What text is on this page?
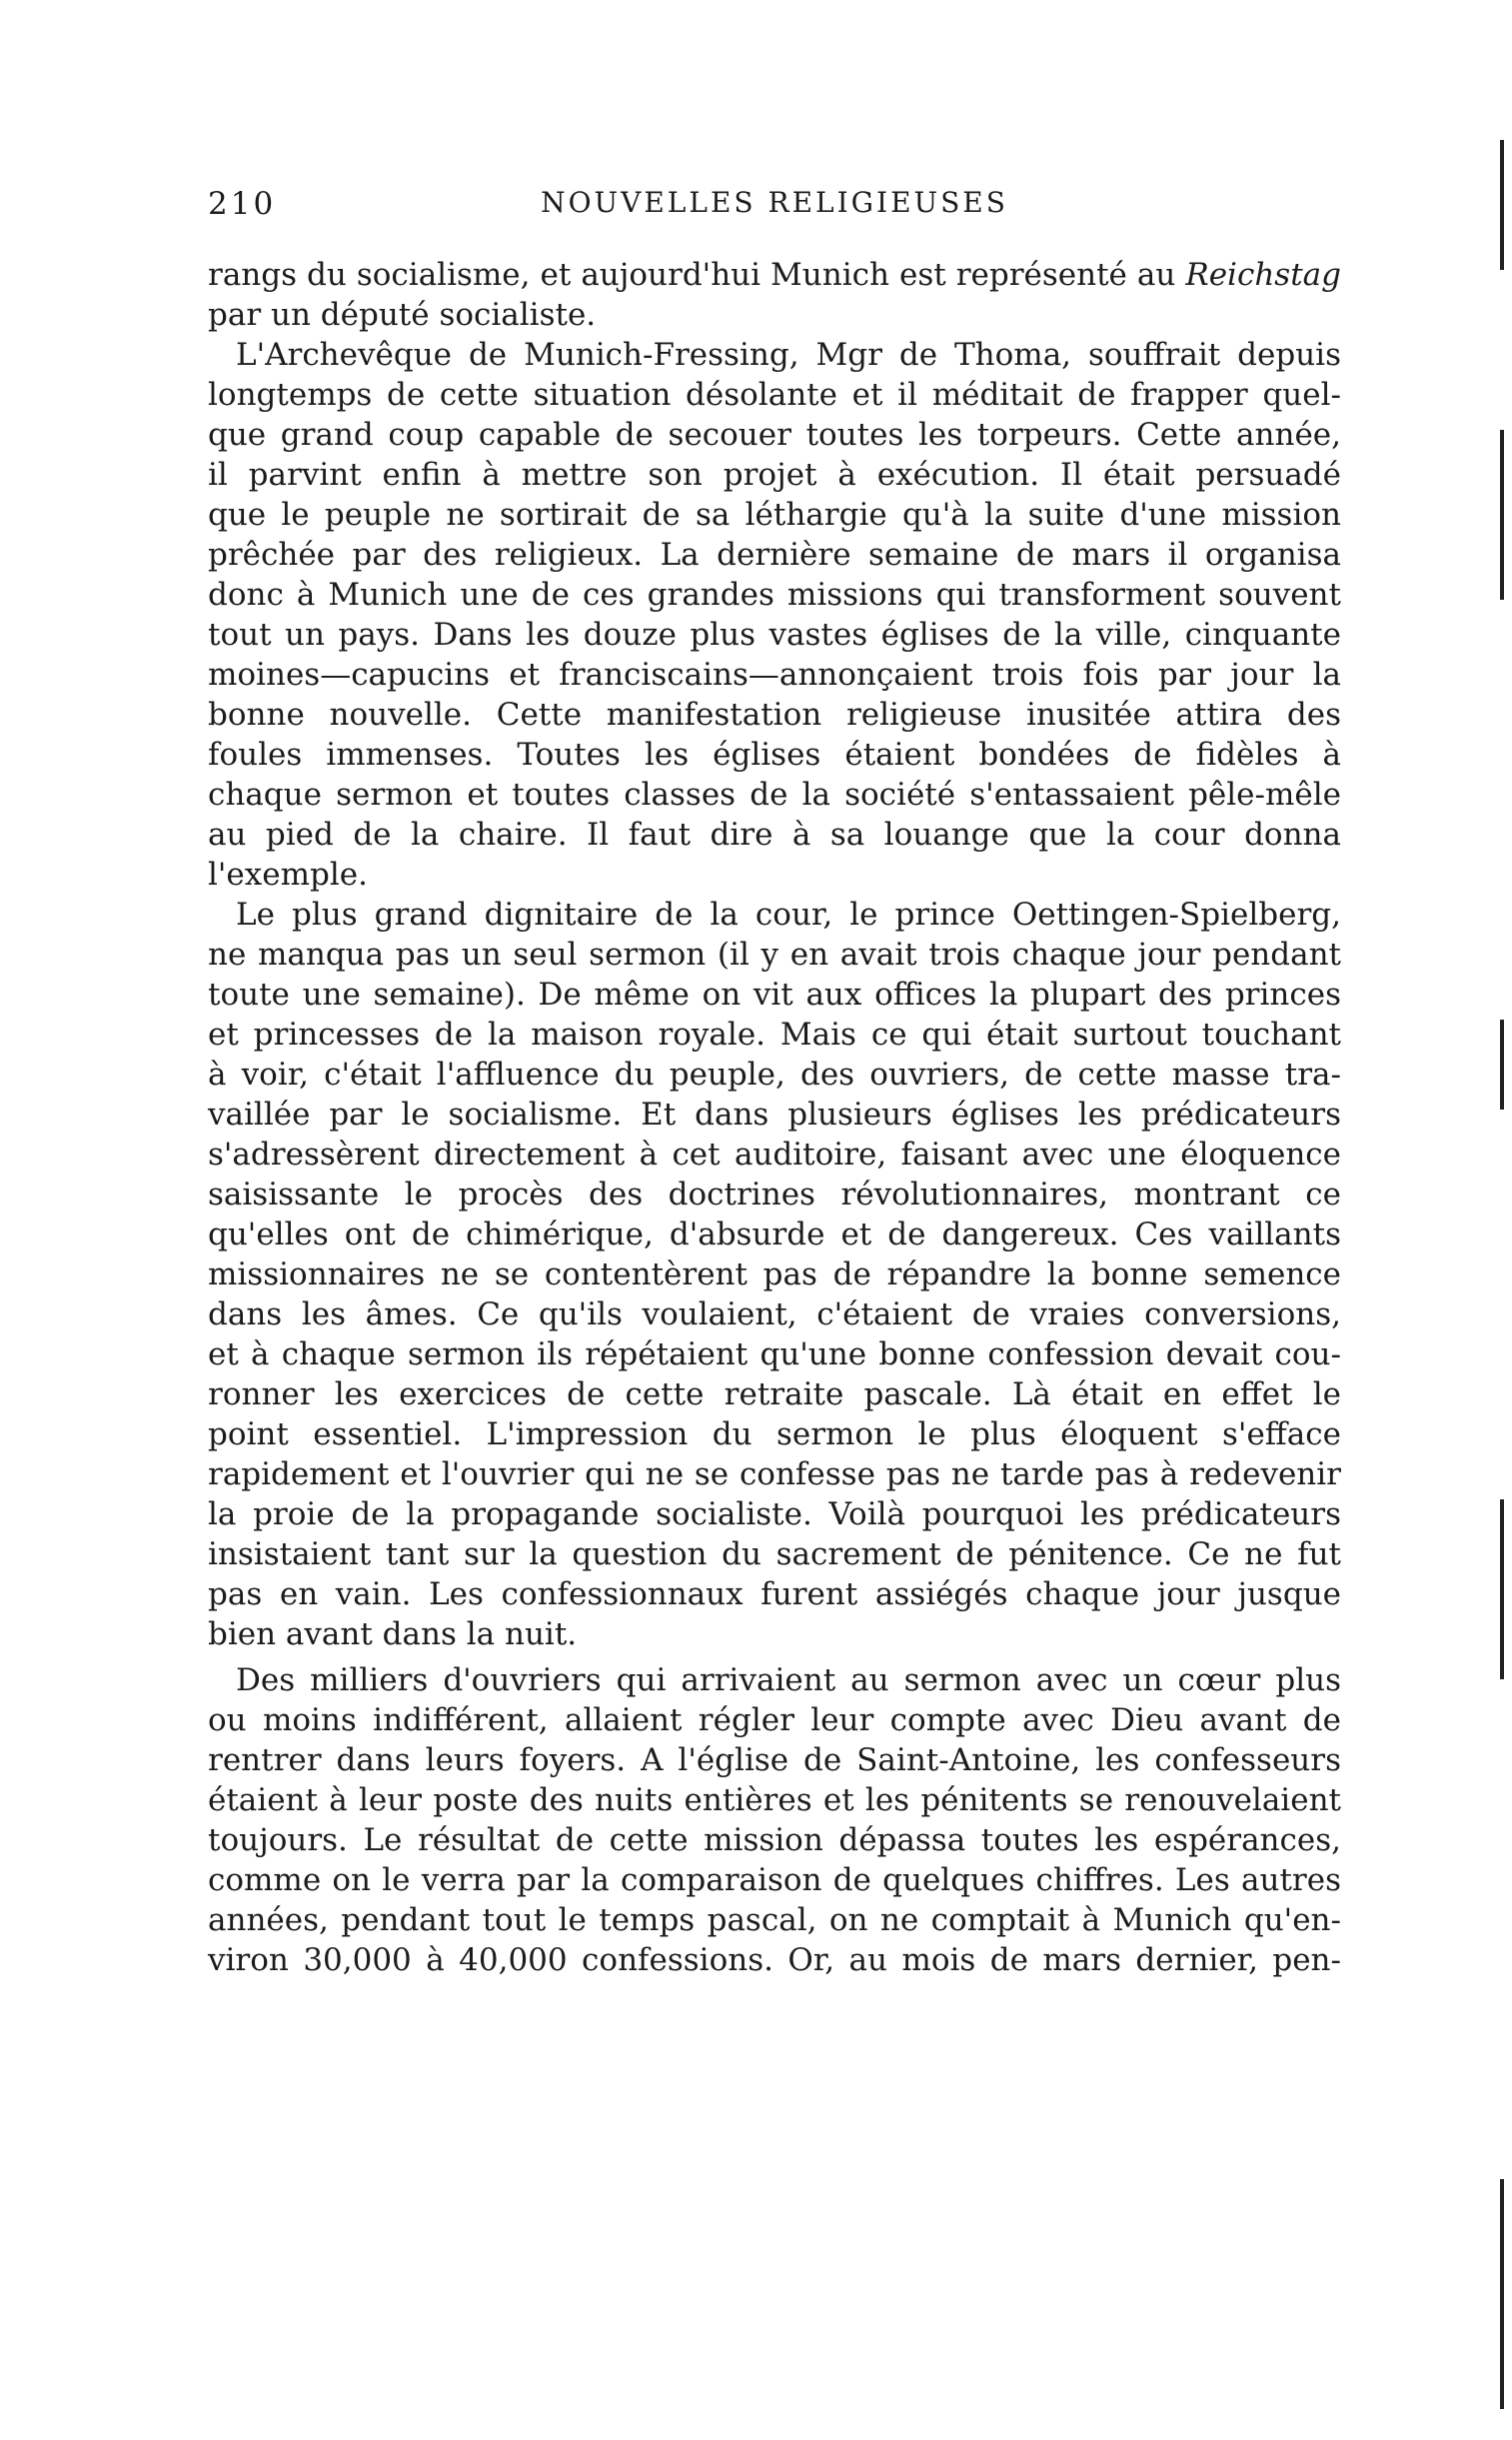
210	NOUVELLES RELIGIEUSES
rangs du socialisme, et aujourd'hui Munich est représenté au Reichstag
par un député socialiste.
L'Archevêque de Munich-Fressing, Mgr de Thoma, souffrait depuis
longtemps de cette situation désolante et il méditait de frapper quel-
que grand coup capable de secouer toutes les torpeurs. Cette année,
il parvint enfin à mettre son projet à exécution. Il était persuadé
que le peuple ne sortirait de sa léthargie qu'à la suite d'une mission
prêchée par des religieux. La dernière semaine de mars il organisa
donc à Munich une de ces grandes missions qui transforment souvent
tout un pays. Dans les douze plus vastes églises de la ville, cinquante
moines—capucins et franciscains—annonçaient trois fois par jour la
bonne nouvelle. Cette manifestation religieuse inusitée attira des
foules immenses. Toutes les églises étaient bondées de fidèles à
chaque sermon et toutes classes de la société s'entassaient pêle-mêle
au pied de la chaire. Il faut dire à sa louange que la cour donna
l'exemple.
Le plus grand dignitaire de la cour, le prince Oettingen-Spielberg,
ne manqua pas un seul sermon (il y en avait trois chaque jour pendant
toute une semaine). De même on vit aux offices la plupart des princes
et princesses de la maison royale. Mais ce qui était surtout touchant
à voir, c'était l'affluence du peuple, des ouvriers, de cette masse tra-
vaillée par le socialisme. Et dans plusieurs églises les prédicateurs
s'adressèrent directement à cet auditoire, faisant avec une éloquence
saisissante le procès des doctrines révolutionnaires, montrant ce
qu'elles ont de chimérique, d'absurde et de dangereux. Ces vaillants
missionnaires ne se contentèrent pas de répandre la bonne semence
dans les âmes. Ce qu'ils voulaient, c'étaient de vraies conversions,
et à chaque sermon ils répétaient qu'une bonne confession devait cou-
ronner les exercices de cette retraite pascale. Là était en effet le
point essentiel. L'impression du sermon le plus éloquent s'efface
rapidement et l'ouvrier qui ne se confesse pas ne tarde pas à redevenir
la proie de la propagande socialiste. Voilà pourquoi les prédicateurs
insistaient tant sur la question du sacrement de pénitence. Ce ne fut
pas en vain. Les confessionnaux furent assiégés chaque jour jusque
bien avant dans la nuit.
Des milliers d'ouvriers qui arrivaient au sermon avec un cœur plus
ou moins indifférent, allaient régler leur compte avec Dieu avant de
rentrer dans leurs foyers. A l'église de Saint-Antoine, les confesseurs
étaient à leur poste des nuits entières et les pénitents se renouvelaient
toujours. Le résultat de cette mission dépassa toutes les espérances,
comme on le verra par la comparaison de quelques chiffres. Les autres
années, pendant tout le temps pascal, on ne comptait à Munich qu'en-
viron 30,000 à 40,000 confessions. Or, au mois de mars dernier, pen-
